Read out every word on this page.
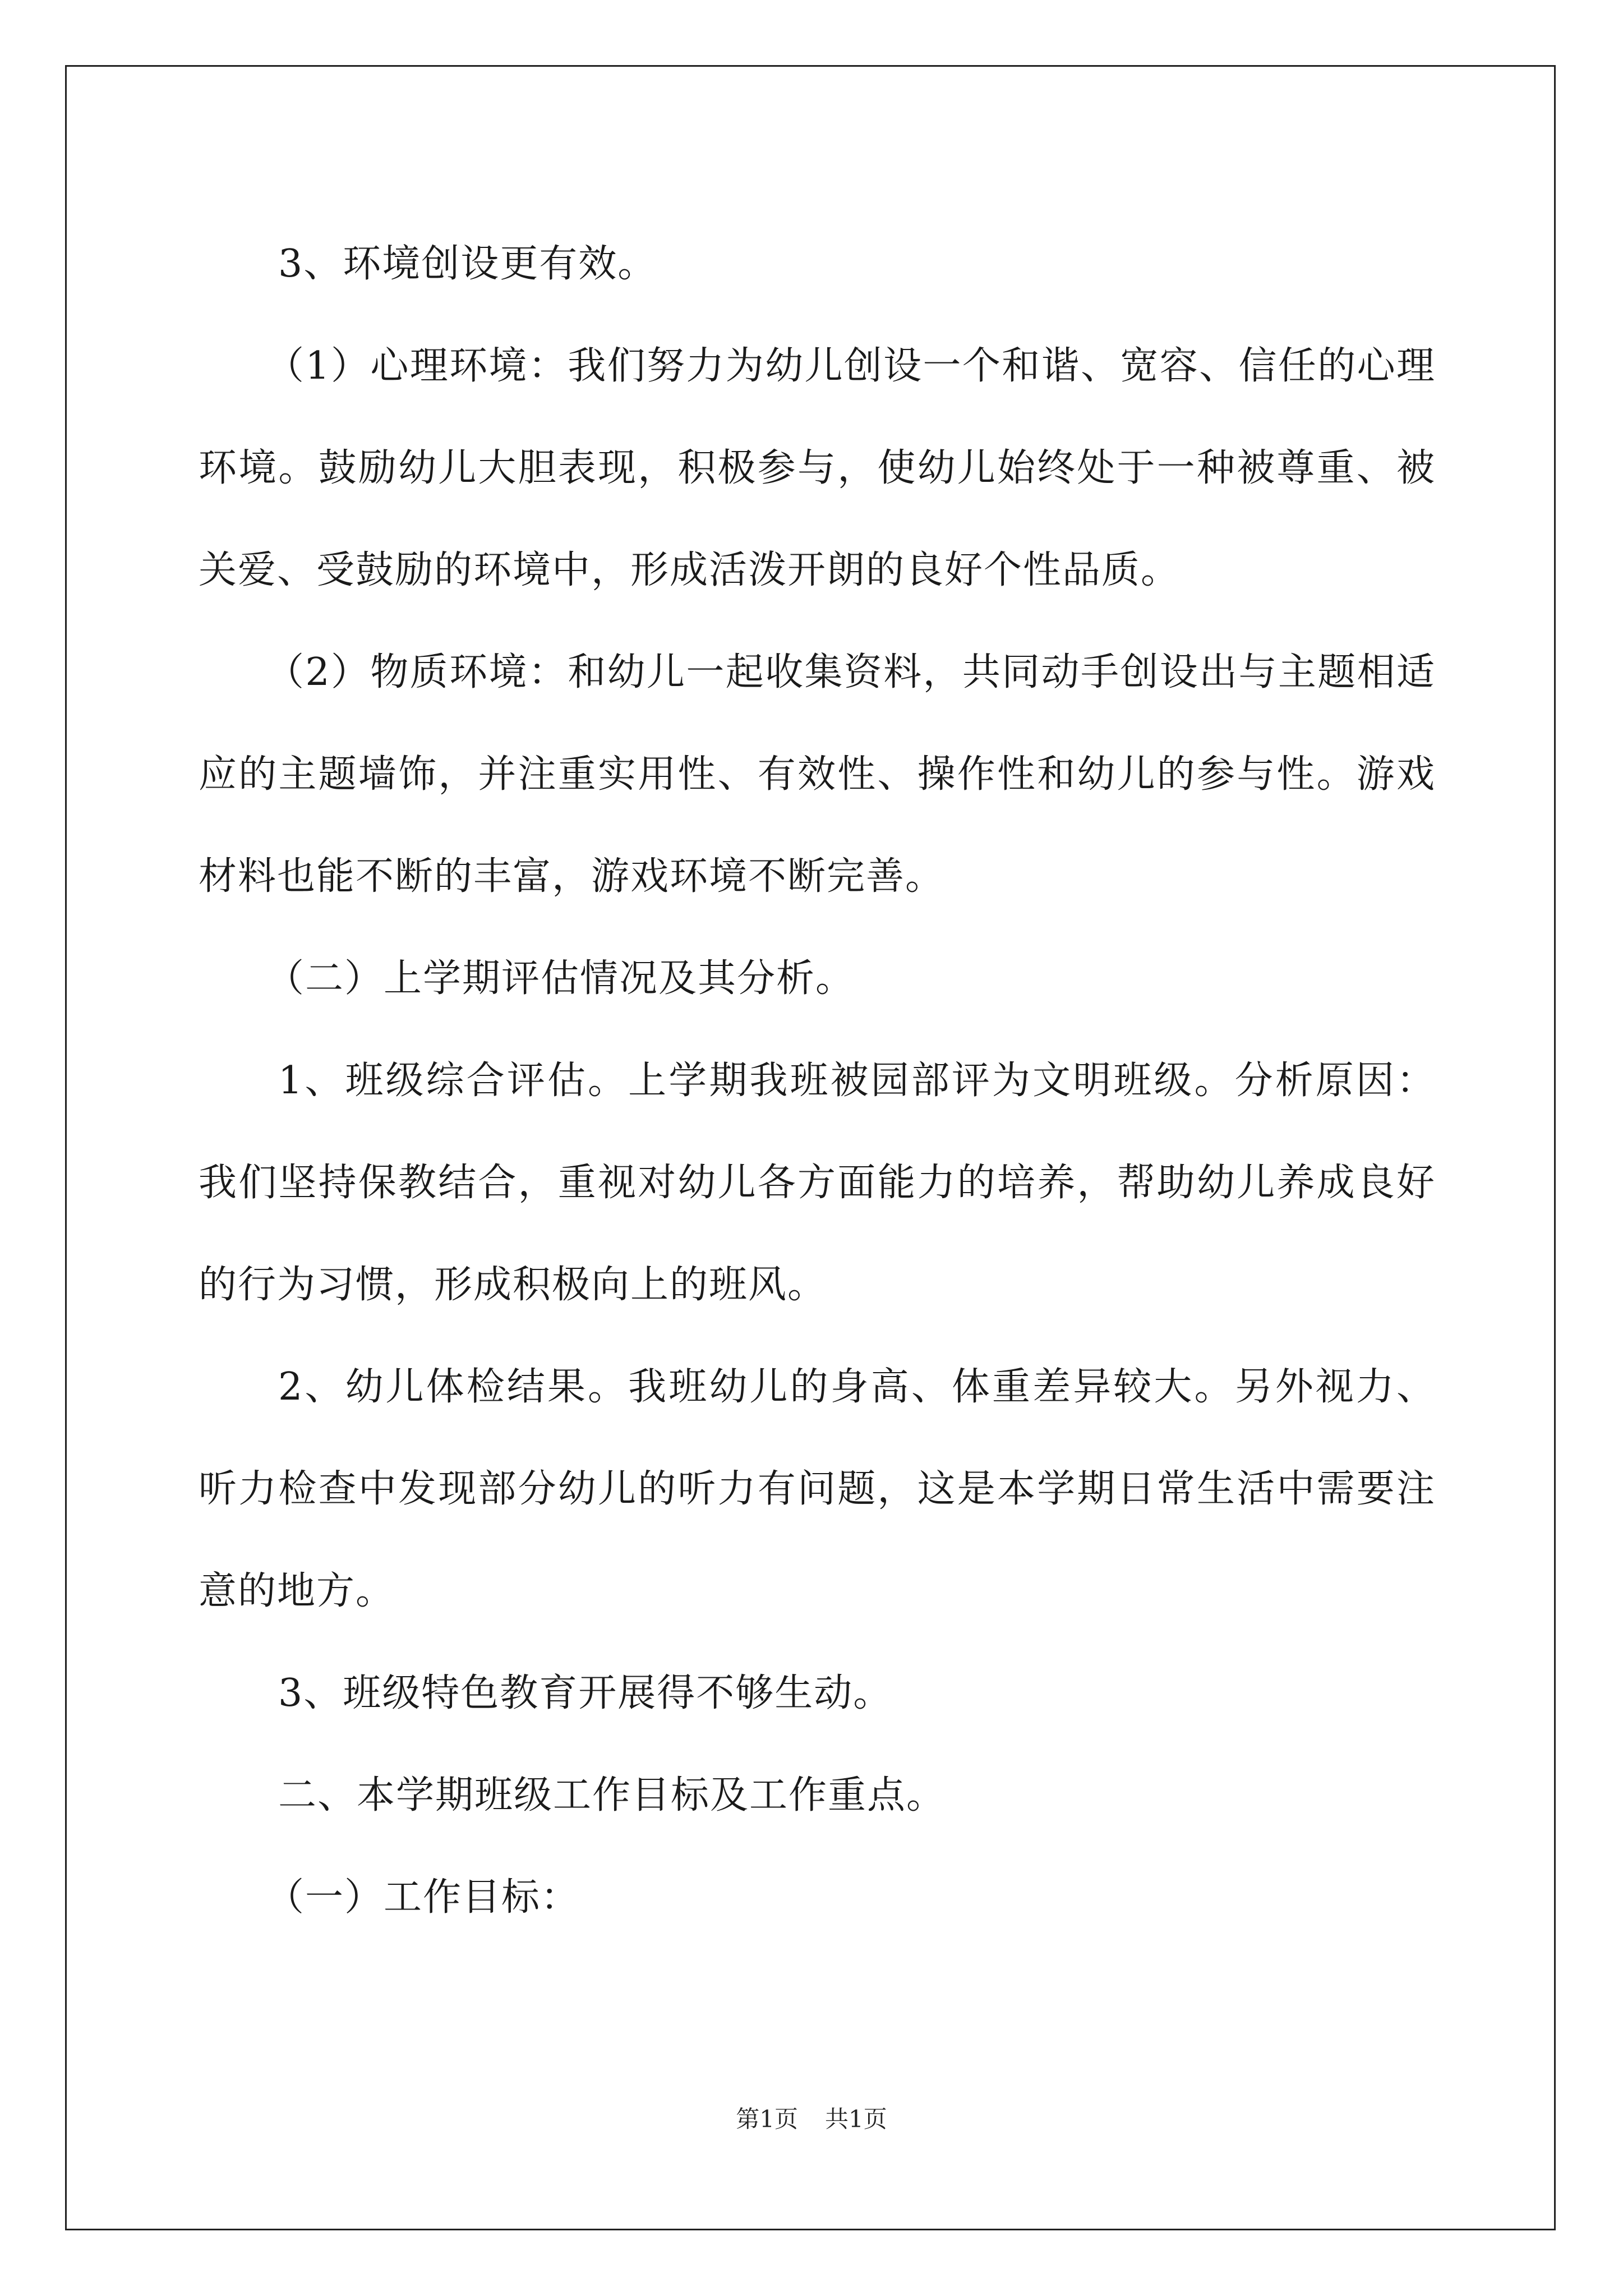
3、环境创设更有效。

（1）心理环境：我们努力为幼儿创设一个和谐、宽容、信任的心理环境。鼓励幼儿大胆表现，积极参与，使幼儿始终处于一种被尊重、被关爱、受鼓励的环境中，形成活泼开朗的良好个性品质。

（2）物质环境：和幼儿一起收集资料，共同动手创设出与主题相适应的主题墙饰，并注重实用性、有效性、操作性和幼儿的参与性。游戏材料也能不断的丰富，游戏环境不断完善。

（二）上学期评估情况及其分析。

1、班级综合评估。上学期我班被园部评为文明班级。分析原因：我们坚持保教结合，重视对幼儿各方面能力的培养，帮助幼儿养成良好的行为习惯，形成积极向上的班风。

2、幼儿体检结果。我班幼儿的身高、体重差异较大。另外视力、听力检查中发现部分幼儿的听力有问题，这是本学期日常生活中需要注意的地方。

3、班级特色教育开展得不够生动。

二、本学期班级工作目标及工作重点。

（一）工作目标：

第1页 共1页
